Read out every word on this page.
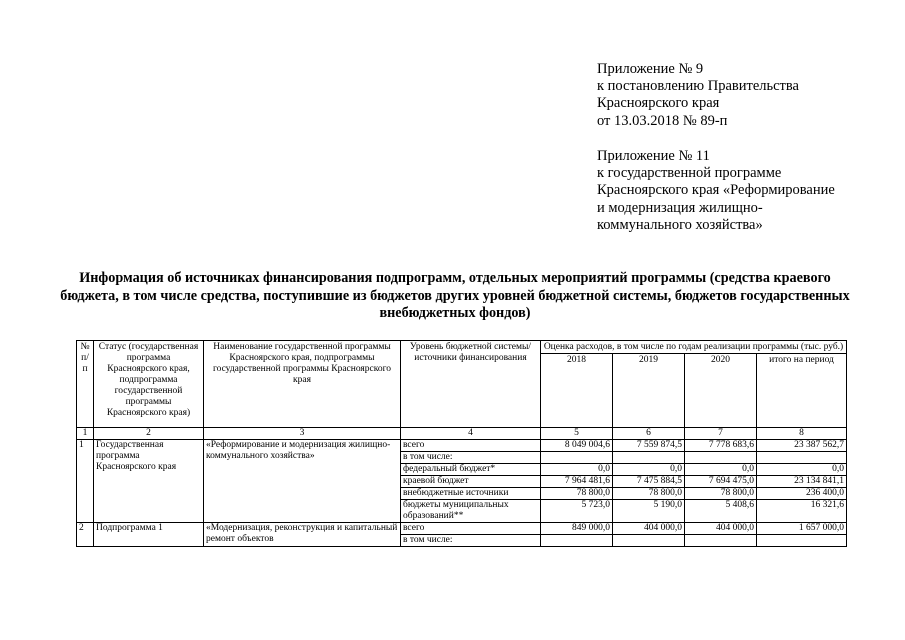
Приложение № 9
к постановлению Правительства
Красноярского края
от 13.03.2018 № 89-п
Приложение № 11
к государственной программе
Красноярского края «Реформирование
и модернизация жилищно-
коммунального хозяйства»
Информация об источниках финансирования подпрограмм, отдельных мероприятий программы (средства краевого бюджета, в том числе средства, поступившие из бюджетов других уровней бюджетной системы, бюджетов государственных внебюджетных фондов)
№ п/п	Статус (государственная программа Красноярского края, подпрограмма государственной программы Красноярского края)	Наименование государственной программы Красноярского края, подпрограммы государственной программы Красноярского края	Уровень бюджетной системы/источники финансирования	Оценка расходов, в том числе по годам реализации программы (тыс. руб.)			
				2018	2019	2020	итого на период
1	2	3	4	5	6	7	8
1	Государственная программа Красноярского края	«Реформирование и модернизация жилищно-коммунального хозяйства»	всего	8 049 004,6	7 559 874,5	7 778 683,6	23 387 562,7
			в том числе:				
			федеральный бюджет*	0,0	0,0	0,0	0,0
			краевой бюджет	7 964 481,6	7 475 884,5	7 694 475,0	23 134 841,1
			внебюджетные источники	78 800,0	78 800,0	78 800,0	236 400,0
			бюджеты муниципальных образований**	5 723,0	5 190,0	5 408,6	16 321,6
2	Подпрограмма 1	«Модернизация, реконструкция и капитальный ремонт объектов	всего	849 000,0	404 000,0	404 000,0	1 657 000,0
			в том числе:				
